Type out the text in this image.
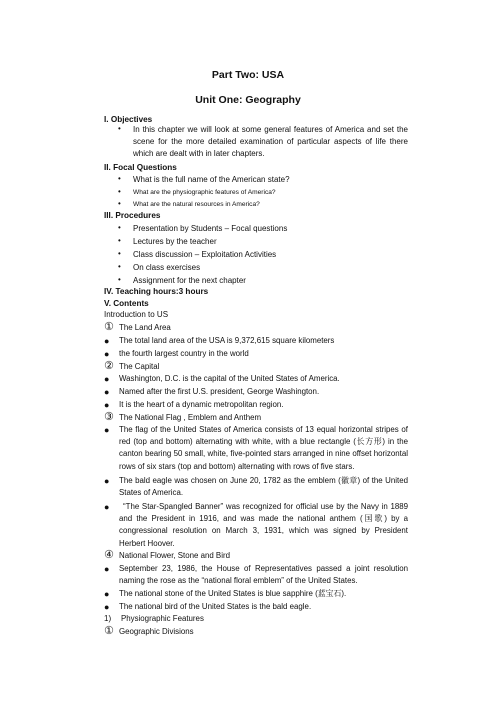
Part Two: USA
Unit One: Geography
I. Objectives
•	In this chapter we will look at some general features of America and set the scene for the more detailed examination of particular aspects of life there which are dealt with in later chapters.
II. Focal Questions
•	What is the full name of the American state?
•	What are the physiographic features of America?
•	What are the natural resources in America?
III. Procedures
•	Presentation by Students – Focal questions
•	Lectures by the teacher
•	Class discussion – Exploitation Activities
•	On class exercises
•	Assignment for the next chapter
IV. Teaching hours:3 hours
V. Contents
Introduction to US
① The Land Area
● The total land area of the USA is 9,372,615 square kilometers
● the fourth largest country in the world
② The Capital
● Washington, D.C. is the capital of the United States of America.
● Named after the first U.S. president, George Washington.
● It is the heart of a dynamic metropolitan region.
③ The National Flag , Emblem and Anthem
● The flag of the United States of America consists of 13 equal horizontal stripes of red (top and bottom) alternating with white, with a blue rectangle (长方形) in the canton bearing 50 small, white, five-pointed stars arranged in nine offset horizontal rows of six stars (top and bottom) alternating with rows of five stars.
● The bald eagle was chosen on June 20, 1782 as the emblem (徽章) of the United States of America.
●	“The Star-Spangled Banner” was recognized for official use by the Navy in 1889 and the President in 1916, and was made the national anthem (国歌) by a congressional resolution on March 3, 1931, which was signed by President Herbert Hoover.
④ National Flower, Stone and Bird
● September 23, 1986, the House of Representatives passed a joint resolution naming the rose as the “national floral emblem” of the United States.
● The national stone of the United States is blue sapphire (蓝宝石).
● The national bird of the United States is the bald eagle.
1) Physiographic Features
① Geographic Divisions
